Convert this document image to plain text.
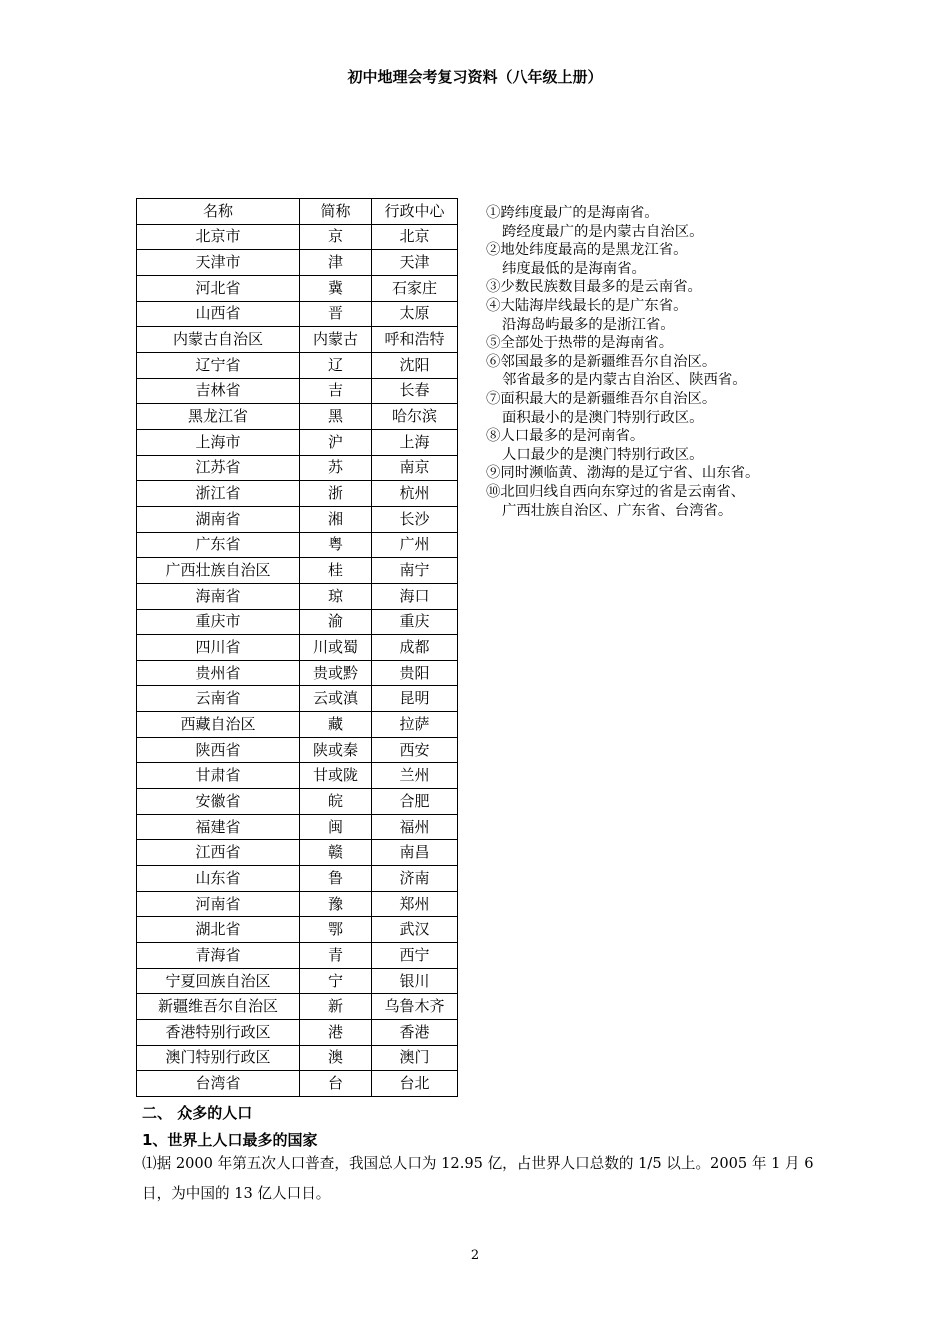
初中地理会考复习资料（八年级上册）
名称	简称	行政中心
北京市	京	北京
天津市	津	天津
河北省	冀	石家庄
山西省	晋	太原
内蒙古自治区	内蒙古	呼和浩特
辽宁省	辽	沈阳
吉林省	吉	长春
黑龙江省	黑	哈尔滨
上海市	沪	上海
江苏省	苏	南京
浙江省	浙	杭州
湖南省	湘	长沙
广东省	粤	广州
广西壮族自治区	桂	南宁
海南省	琼	海口
重庆市	渝	重庆
四川省	川或蜀	成都
贵州省	贵或黔	贵阳
云南省	云或滇	昆明
西藏自治区	藏	拉萨
陕西省	陕或秦	西安
甘肃省	甘或陇	兰州
安徽省	皖	合肥
福建省	闽	福州
江西省	赣	南昌
山东省	鲁	济南
河南省	豫	郑州
湖北省	鄂	武汉
青海省	青	西宁
宁夏回族自治区	宁	银川
新疆维吾尔自治区	新	乌鲁木齐
香港特别行政区	港	香港
澳门特别行政区	澳	澳门
台湾省	台	台北
①跨纬度最广的是海南省。
跨经度最广的是内蒙古自治区。
②地处纬度最高的是黑龙江省。
纬度最低的是海南省。
③少数民族数目最多的是云南省。
④大陆海岸线最长的是广东省。
沿海岛屿最多的是浙江省。
⑤全部处于热带的是海南省。
⑥邻国最多的是新疆维吾尔自治区。
邻省最多的是内蒙古自治区、陕西省。
⑦面积最大的是新疆维吾尔自治区。
面积最小的是澳门特别行政区。
⑧人口最多的是河南省。
人口最少的是澳门特别行政区。
⑨同时濒临黄、渤海的是辽宁省、山东省。
⑩北回归线自西向东穿过的省是云南省、
广西壮族自治区、广东省、台湾省。
二、 众多的人口
1、世界上人口最多的国家
⑴据 2000 年第五次人口普查，我国总人口为 12.95 亿，占世界人口总数的 1/5 以上。2005 年 1 月 6 日，为中国的 13 亿人口日。
2
